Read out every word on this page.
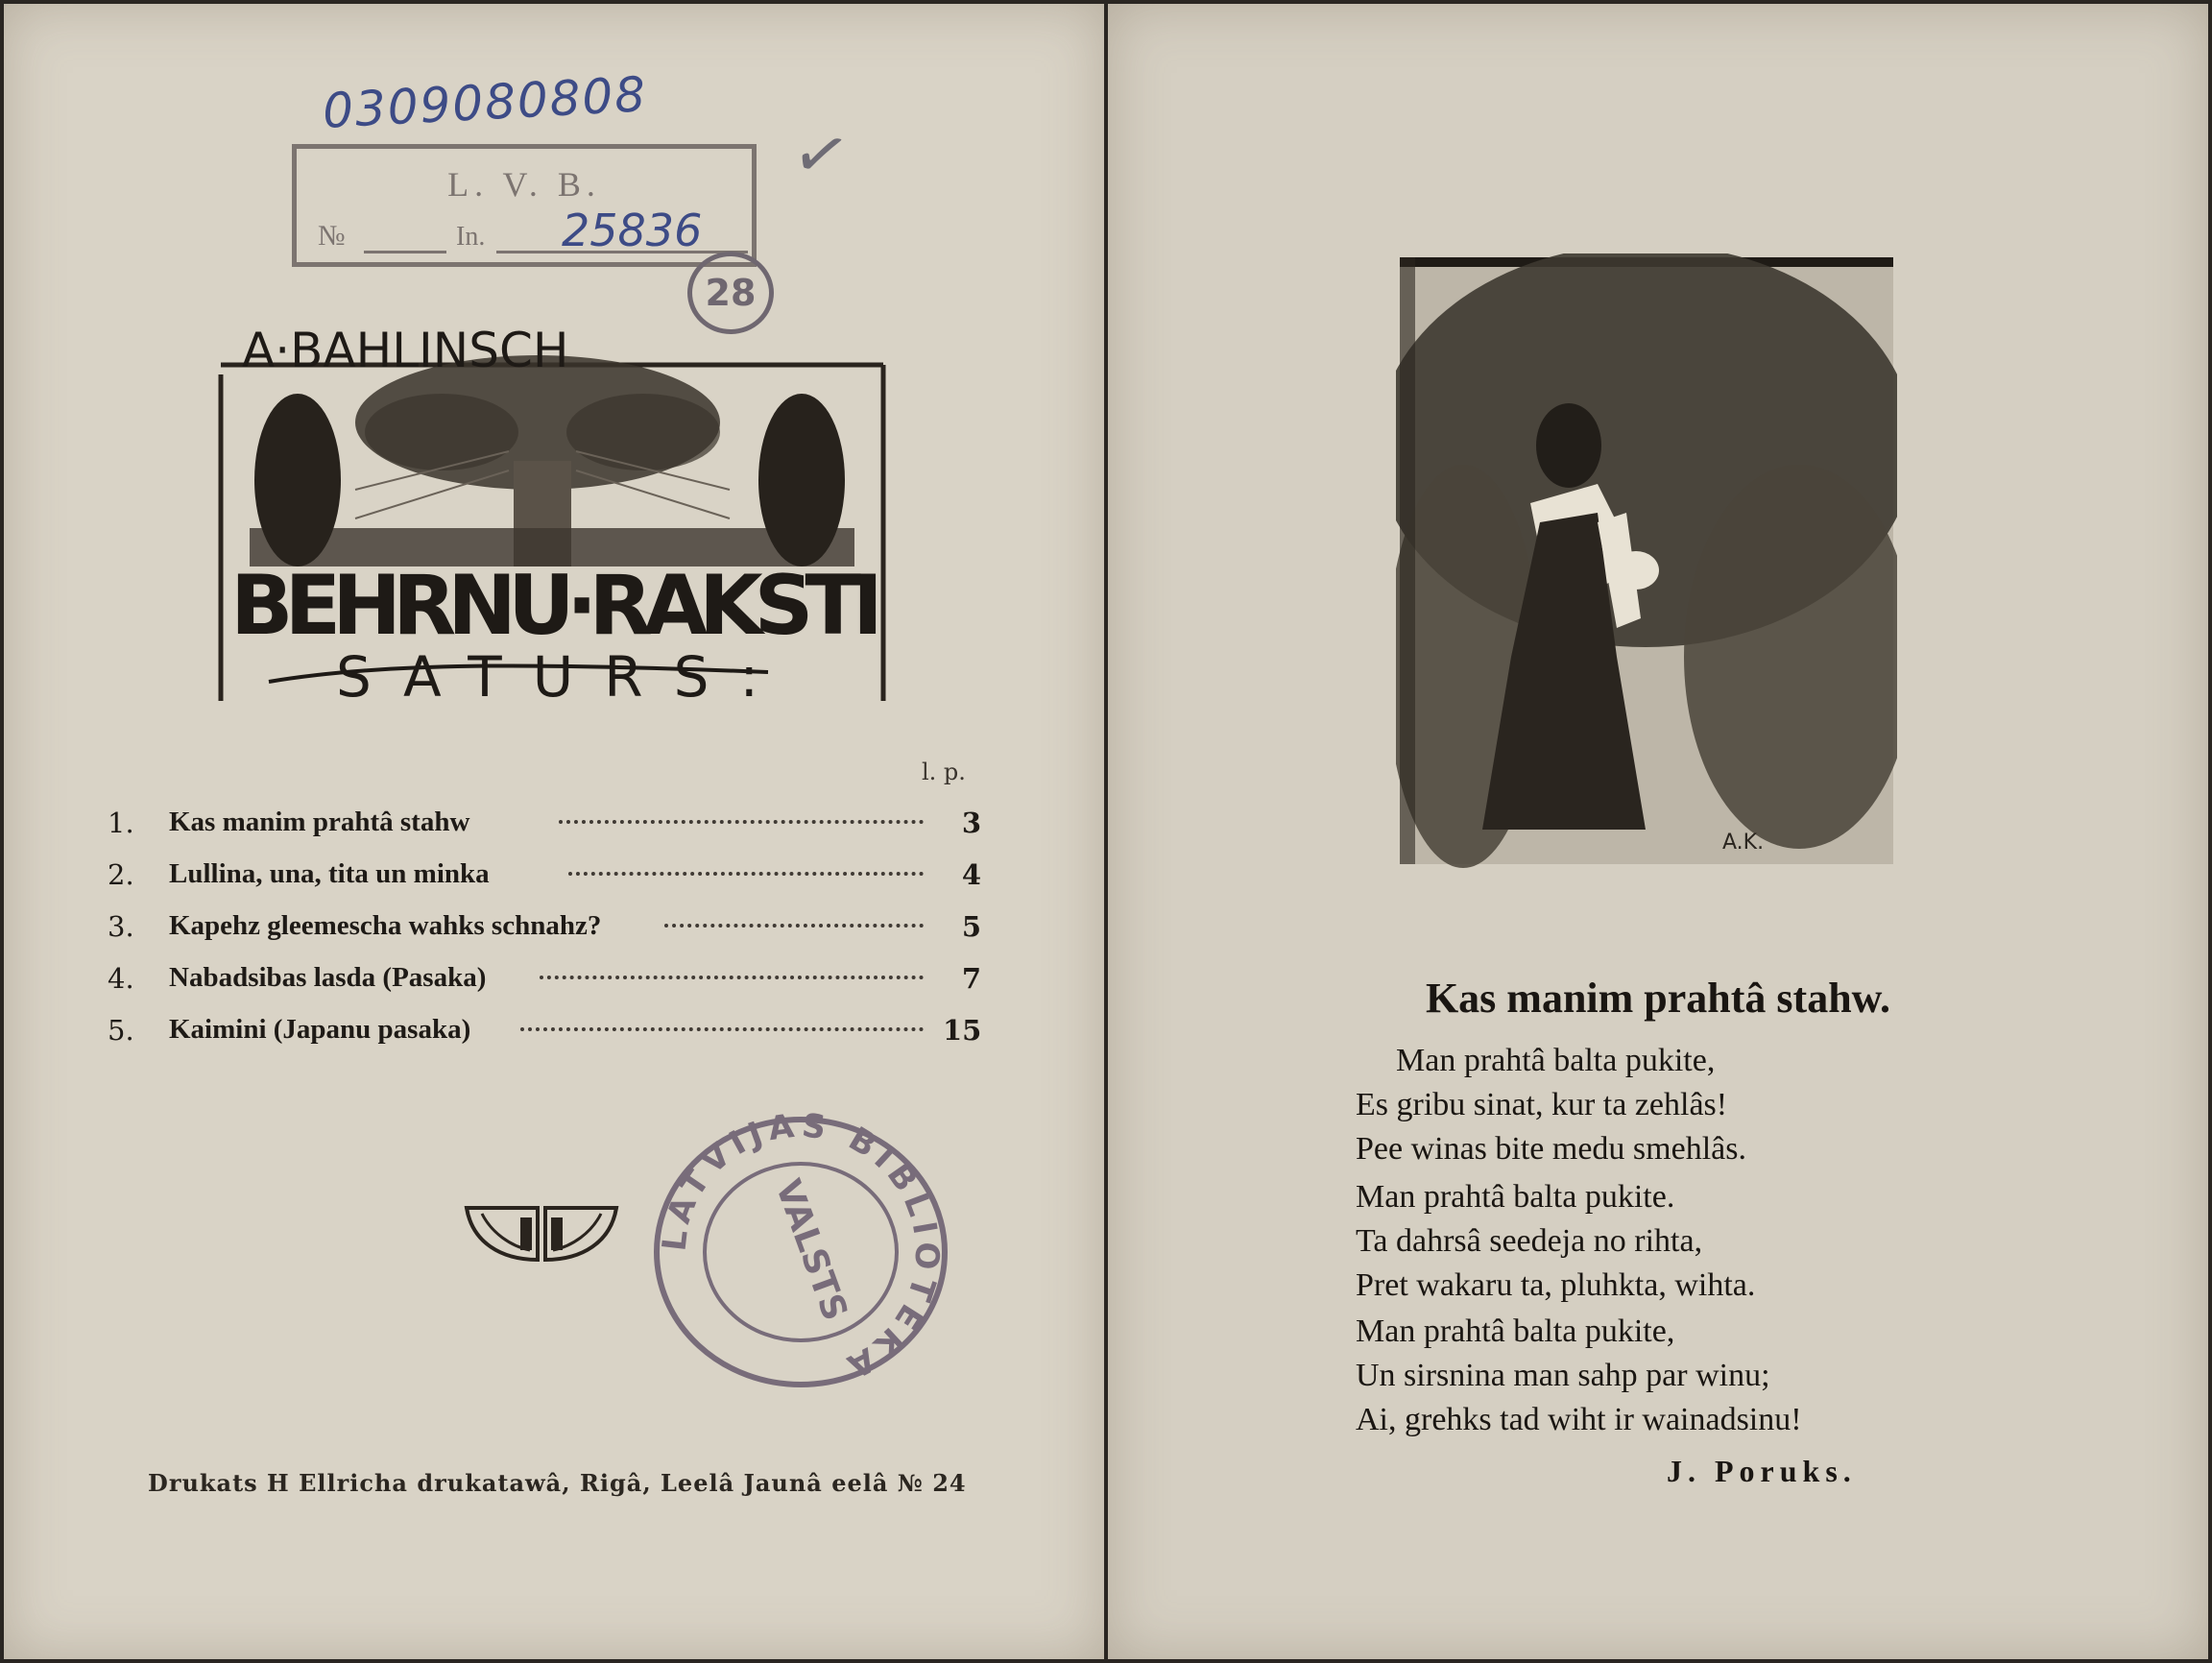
0309080808
L. V. B.
№	In. 25836
28
✓
A·BAHLINSCH
BEHRNU·RAKSTI
SATURS:
l. p.
1.	Kas manim prahtâ stahw	3
2.	Lullina, una, tita un minka	4
3.	Kapehz gleemescha wahks schnahz?	5
4.	Nabadsibas lasda (Pasaka)	7
5.	Kaimini (Japanu pasaka)	15
LATVIJAS BIBLIOTEKA
VALSTS
Drukats H Ellricha drukatawâ, Rigâ, Leelâ Jaunâ eelâ № 24
A.K.
Kas manim prahtâ stahw.
Man prahtâ balta pukite,
Es gribu sinat, kur ta zehlâs!
Pee winas bite medu smehlâs.
Man prahtâ balta pukite.
Ta dahrsâ seedeja no rihta,
Pret wakaru ta, pluhkta, wihta.
Man prahtâ balta pukite,
Un sirsnina man sahp par winu;
Ai, grehks tad wiht ir wainadsinu!
J. Poruks.
